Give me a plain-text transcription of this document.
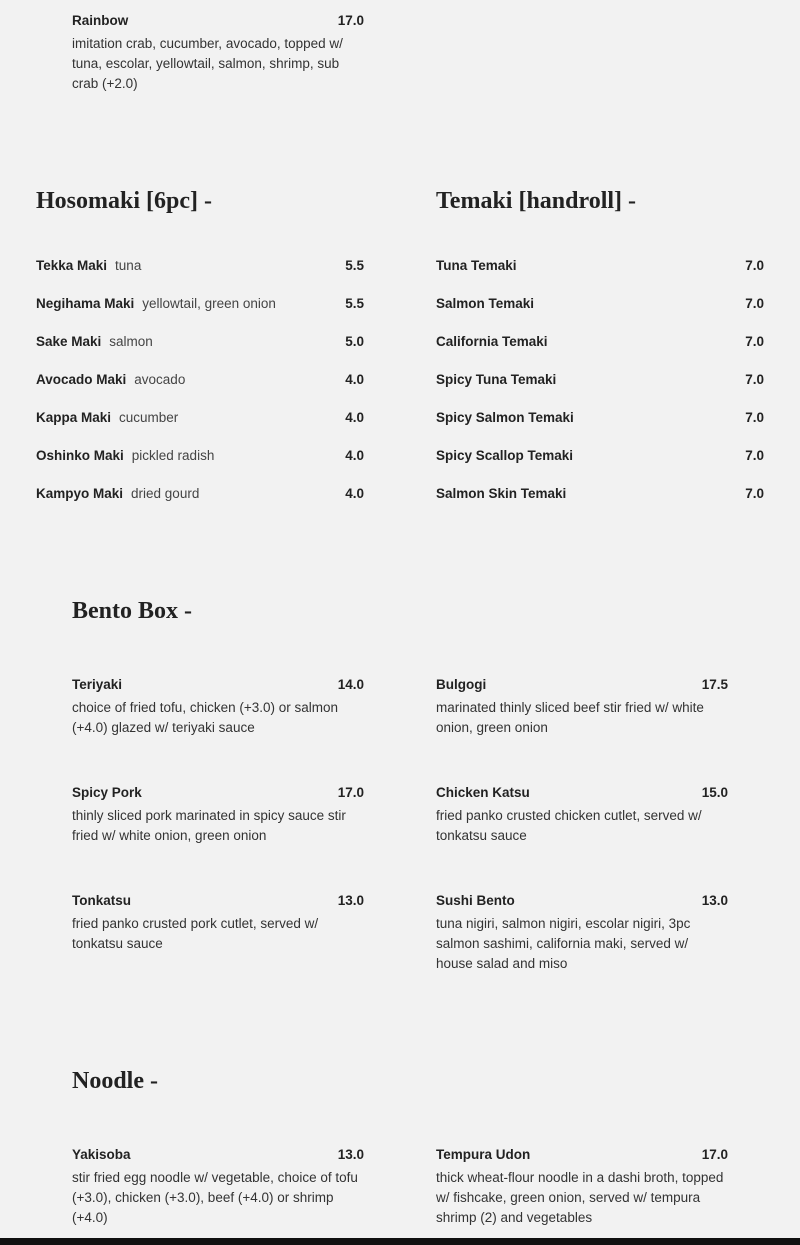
Rainbow	17.0
imitation crab, cucumber, avocado, topped w/ tuna, escolar, yellowtail, salmon, shrimp, sub crab (+2.0)
Hosomaki [6pc] -
Tekka Maki tuna	5.5
Negihama Maki yellowtail, green onion	5.5
Sake Maki salmon	5.0
Avocado Maki avocado	4.0
Kappa Maki cucumber	4.0
Oshinko Maki pickled radish	4.0
Kampyo Maki dried gourd	4.0
Temaki [handroll] -
Tuna Temaki	7.0
Salmon Temaki	7.0
California Temaki	7.0
Spicy Tuna Temaki	7.0
Spicy Salmon Temaki	7.0
Spicy Scallop Temaki	7.0
Salmon Skin Temaki	7.0
Bento Box -
Teriyaki	14.0
choice of fried tofu, chicken (+3.0) or salmon (+4.0) glazed w/ teriyaki sauce
Bulgogi	17.5
marinated thinly sliced beef stir fried w/ white onion, green onion
Spicy Pork	17.0
thinly sliced pork marinated in spicy sauce stir fried w/ white onion, green onion
Chicken Katsu	15.0
fried panko crusted chicken cutlet, served w/ tonkatsu sauce
Tonkatsu	13.0
fried panko crusted pork cutlet, served w/ tonkatsu sauce
Sushi Bento	13.0
tuna nigiri, salmon nigiri, escolar nigiri, 3pc salmon sashimi, california maki, served w/ house salad and miso
Noodle -
Yakisoba	13.0
stir fried egg noodle w/ vegetable, choice of tofu (+3.0), chicken (+3.0), beef (+4.0) or shrimp (+4.0)
Tempura Udon	17.0
thick wheat-flour noodle in a dashi broth, topped w/ fishcake, green onion, served w/ tempura shrimp (2) and vegetables
